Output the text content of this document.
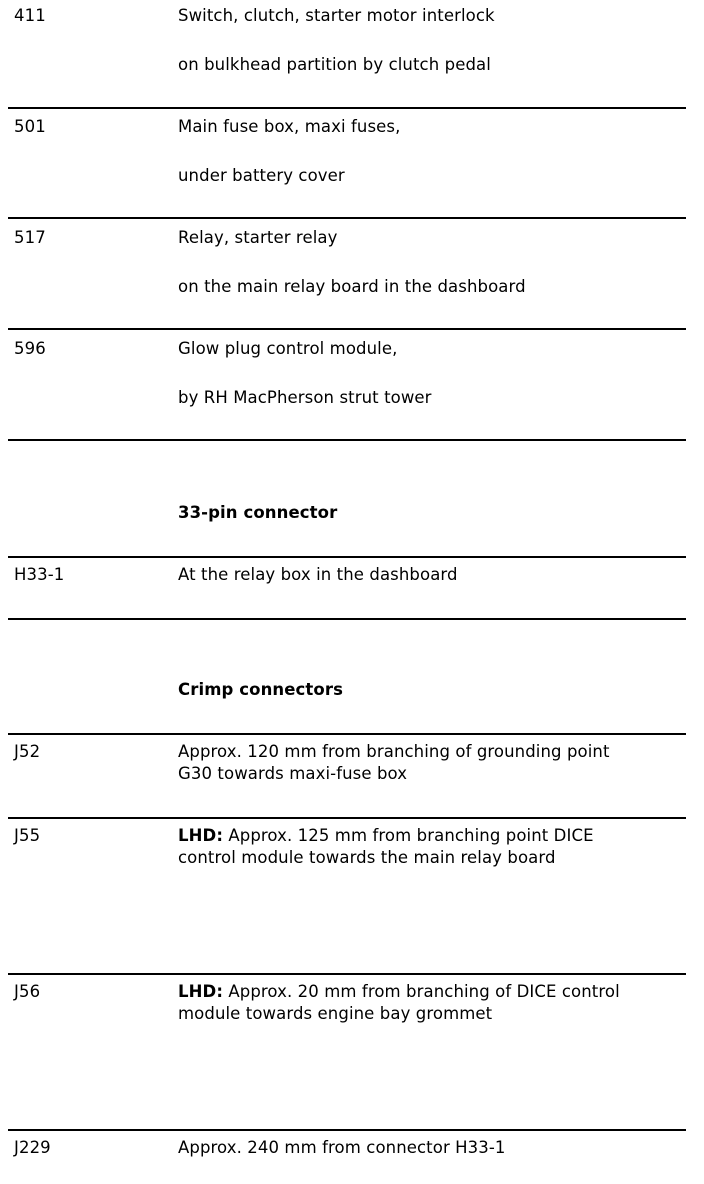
411	Switch, clutch, starter motor interlock
on bulkhead partition by clutch pedal
501	Main fuse box, maxi fuses,
under battery cover
517	Relay, starter relay
on the main relay board in the dashboard
596	Glow plug control module,
by RH MacPherson strut tower
33-pin connector
H33-1	At the relay box in the dashboard
Crimp connectors
J52	Approx. 120 mm from branching of grounding point
G30 towards maxi-fuse box
J55	LHD: Approx. 125 mm from branching point DICE
control module towards the main relay board
J56	LHD: Approx. 20 mm from branching of DICE control
module towards engine bay grommet
J229	Approx. 240 mm from connector H33-1
